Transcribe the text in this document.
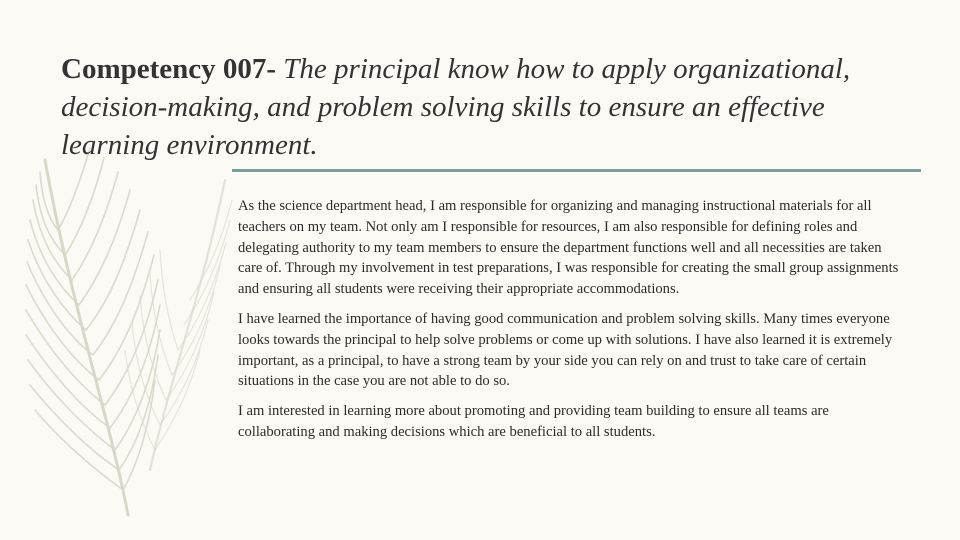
Competency 007- The principal know how to apply organizational, decision-making, and problem solving skills to ensure an effective learning environment.

As the science department head, I am responsible for organizing and managing instructional materials for all teachers on my team. Not only am I responsible for resources, I am also responsible for defining roles and delegating authority to my team members to ensure the department functions well and all necessities are taken care of. Through my involvement in test preparations, I was responsible for creating the small group assignments and ensuring all students were receiving their appropriate accommodations.

I have learned the importance of having good communication and problem solving skills. Many times everyone looks towards the principal to help solve problems or come up with solutions. I have also learned it is extremely important, as a principal, to have a strong team by your side you can rely on and trust to take care of certain situations in the case you are not able to do so.

I am interested in learning more about promoting and providing team building to ensure all teams are collaborating and making decisions which are beneficial to all students.
